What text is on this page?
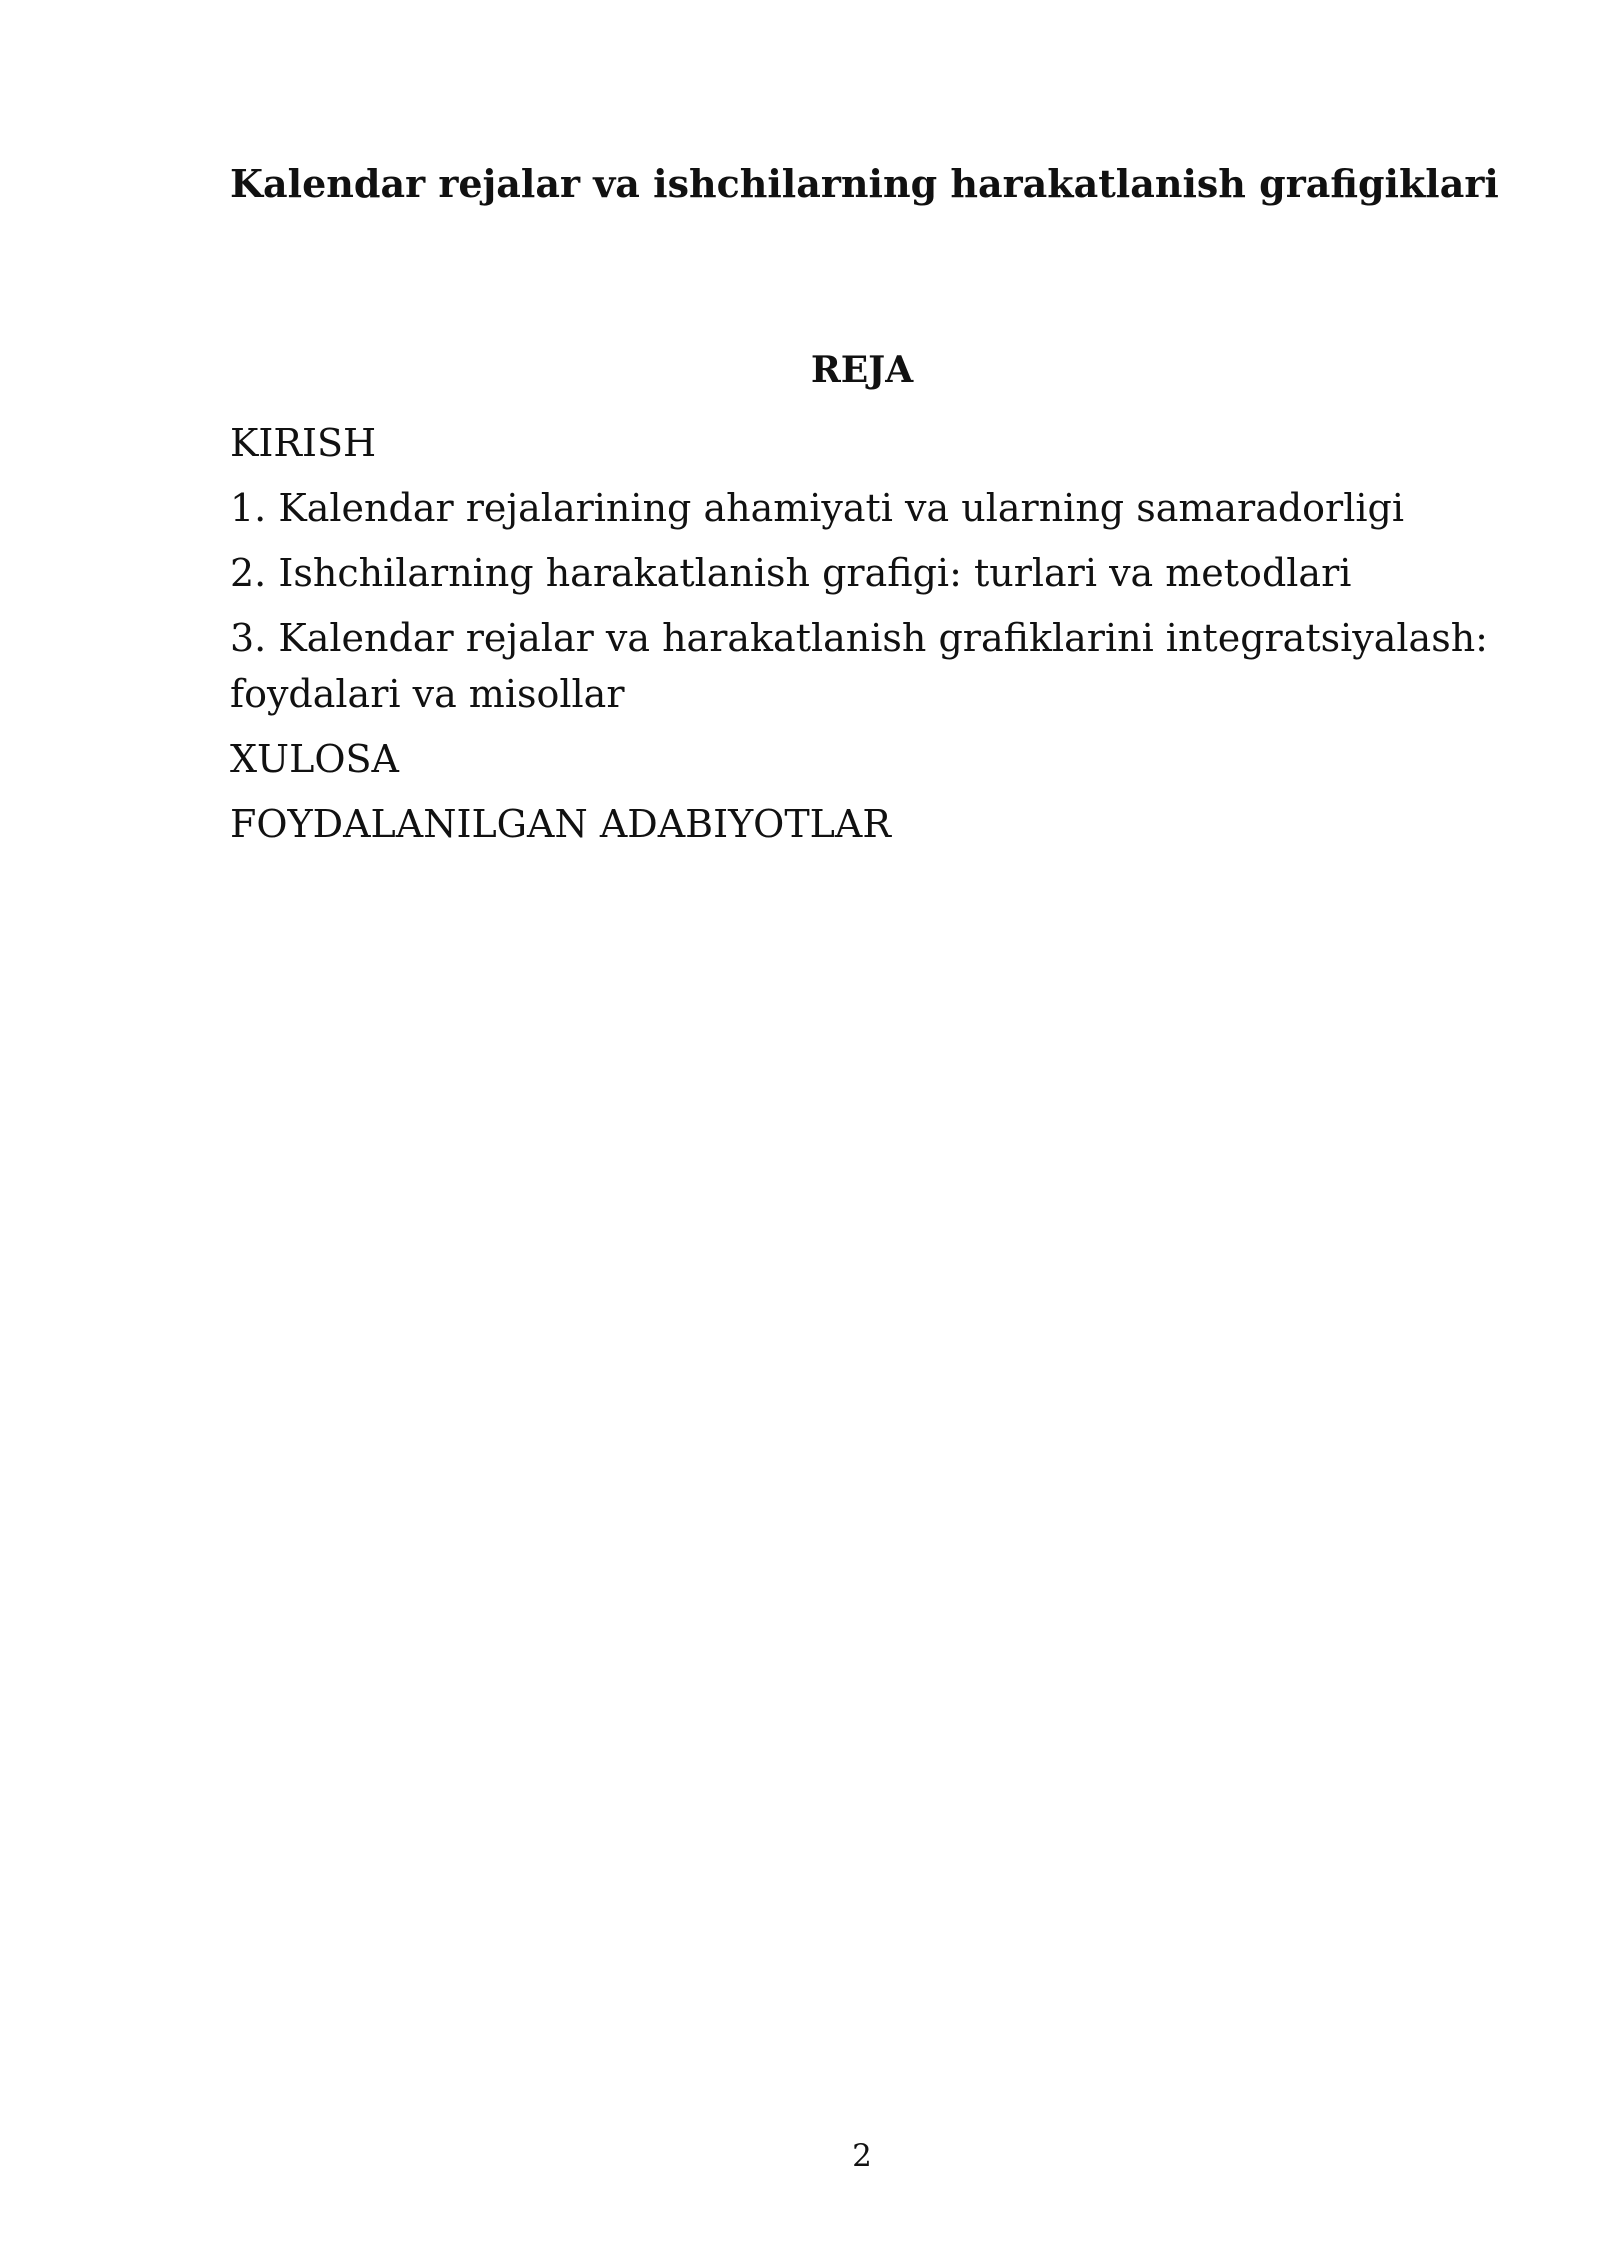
Kalendar rejalar va ishchilarning harakatlanish grafigiklari
REJA
KIRISH
1. Kalendar rejalarining ahamiyati va ularning samaradorligi
2. Ishchilarning harakatlanish grafigi: turlari va metodlari
3. Kalendar rejalar va harakatlanish grafiklarini integratsiyalash: foydalari va misollar
XULOSA
FOYDALANILGAN ADABIYOTLAR
2
